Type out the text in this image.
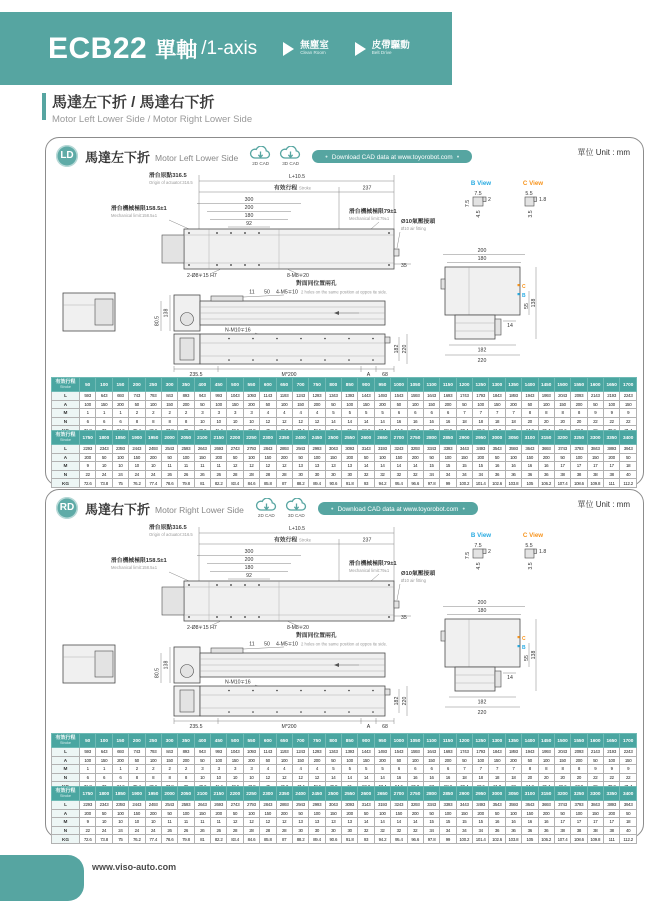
ECB22 單軸 /1-axis	無塵室
Clean Room
皮帶驅動
Belt Drive
馬達左下折 / 馬達右下折
Motor Left Lower Side / Motor Right Lower Side
LD 馬達左下折 Motor Left Lower Side
2D CAD	3D CAD
● Download CAD data at www.toyorobot.com ●	單位 Unit : mm
滑台原點316.5
Origin of actuator:316.5
L+10.5
有效行程 Stroke	237
300
200
180
92
滑台機械極限158.5±1
Mechanical limit:158.5±1
滑台機械極限79±1
Mechanical limit:79±1
Ø10氣壓接頭
Ø10 air fitting
35
2-Ø8∓15 H7	8-M8∓20
對面同位置兩孔
11 50 4-M5∓10 2 holes on the same position at oppos ite side.
138
80.5
N-M10∓16
235.5	M*200	A 68
182 220
B View
7.5
2
7.5
4.5
C View
5.5
1.8
3.5
200
180
C
B
138
55
14
182
220
有效行程
Stroke	50	100	150	200	250	300	350	400	450	500	550	600	650	700	750	800	850	900	950	1000	1050	1100	1150	1200	1250	1300	1350	1400	1450	1500	1550	1600	1650	1700
L	593	643	693	743	793	843	893	943	993	1043	1093	1143	1193	1243	1293	1343	1393	1443	1493	1543	1593	1643	1693	1743	1793	1843	1893	1943	1993	2043	2093	2143	2193	2243
A	100	150	200	50	100	150	200	50	100	150	200	50	100	150	200	50	100	150	200	50	100	150	200	50	100	150	200	50	100	150	200	50	100	150
M	1	1	1	2	2	2	2	3	3	3	3	4	4	4	4	5	5	5	5	6	6	6	6	7	7	7	7	8	8	8	8	9	9	9
N	6	6	6	8	8	8	8	10	10	10	10	12	12	12	12	14	14	14	14	16	16	16	16	18	18	18	18	20	20	20	20	22	22	22

有效行程
Stroke	1750	1800	1850	1900	1950	2000	2050	2100	2150	2200	2250	2300	2350	2400	2450	2500	2550	2600	2650	2700	2750	2800	2850	2900	2950	3000	3050	3100	3150	3200	3250	3300	3350	3400
L	2293	2343	2393	2443	2493	2543	2593	2643	2693	2743	2793	2843	2893	2943	2993	3043	3093	3143	3193	3243	3293	3343	3393	3443	3493	3543	3593	3643	3693	3743	3793	3843	3893	3943
A	200	50	100	150	200	50	100	150	200	50	100	150	200	50	100	150	200	50	100	150	200	50	100	150	200	50	100	150	200	50	100	150	200	50
M	9	10	10	10	10	11	11	11	11	12	12	12	12	13	13	13	13	14	14	14	14	15	15	15	15	16	16	16	16	17	17	17	17	18
N	22	24	24	24	24	26	26	26	26	28	28	28	28	30	30	30	30	32	32	32	32	34	34	34	34	36	36	36	36	38	38	38	38	40
KG	72.6	73.8	75	76.2	77.4	78.6	79.8	81	82.2	83.4	84.6	85.8	87	88.2	89.4	90.6	91.8	93	94.2	95.4	96.6	97.8	99	100.2	101.4	102.6	103.8	105	106.2	107.4	108.6	109.8	111	112.2
RD 馬達右下折 Motor Right Lower Side
2D CAD	3D CAD
● Download CAD data at www.toyorobot.com ●	單位 Unit : mm
滑台原點316.5
Origin of actuator:316.5
L+10.5
有效行程 Stroke	237
300
200
180
92
滑台機械極限158.5±1
Mechanical limit:158.5±1
滑台機械極限79±1
Mechanical limit:79±1
Ø10氣壓接頭
Ø10 air fitting
35
2-Ø8∓15 H7	8-M8∓20
對面同位置兩孔
11 50 4-M5∓10 2 holes on the same position at oppos ite side.
138
80.5
N-M10∓16
235.5	M*200	A 68
182 220
B View
7.5
2
7.5
4.5
C View
5.5
1.8
3.5
200
180
C
B
138
55
14
182
220
有效行程
Stroke	50	100	150	200	250	300	350	400	450	500	550	600	650	700	750	800	850	900	950	1000	1050	1100	1150	1200	1250	1300	1350	1400	1450	1500	1550	1600	1650	1700
L	593	643	693	743	793	843	893	943	993	1043	1093	1143	1193	1243	1293	1343	1393	1443	1493	1543	1593	1643	1693	1743	1793	1843	1893	1943	1993	2043	2093	2143	2193	2243
A	100	150	200	50	100	150	200	50	100	150	200	50	100	150	200	50	100	150	200	50	100	150	200	50	100	150	200	50	100	150	200	50	100	150
M	1	1	1	2	2	2	2	3	3	3	3	4	4	4	4	5	5	5	5	6	6	6	6	7	7	7	7	8	8	8	8	9	9	9
N	6	6	6	8	8	8	8	10	10	10	10	12	12	12	12	14	14	14	14	16	16	16	16	18	18	18	18	20	20	20	20	22	22	22

有效行程
Stroke	1750	1800	1850	1900	1950	2000	2050	2100	2150	2200	2250	2300	2350	2400	2450	2500	2550	2600	2650	2700	2750	2800	2850	2900	2950	3000	3050	3100	3150	3200	3250	3300	3350	3400
L	2293	2343	2393	2443	2493	2543	2593	2643	2693	2743	2793	2843	2893	2943	2993	3043	3093	3143	3193	3243	3293	3343	3393	3443	3493	3543	3593	3643	3693	3743	3793	3843	3893	3943
A	200	50	100	150	200	50	100	150	200	50	100	150	200	50	100	150	200	50	100	150	200	50	100	150	200	50	100	150	200	50	100	150	200	50
M	9	10	10	10	10	11	11	11	11	12	12	12	12	13	13	13	13	14	14	14	14	15	15	15	15	16	16	16	16	17	17	17	17	18
N	22	24	24	24	24	26	26	26	26	28	28	28	28	30	30	30	30	32	32	32	32	34	34	34	34	36	36	36	36	38	38	38	38	40
KG	72.6	73.8	75	76.2	77.4	78.6	79.8	81	82.2	83.4	84.6	85.8	87	88.2	89.4	90.6	91.8	93	94.2	95.4	96.6	97.8	99	100.2	101.4	102.6	103.8	105	106.2	107.4	108.6	109.8	111	112.2
www.viso-auto.com
